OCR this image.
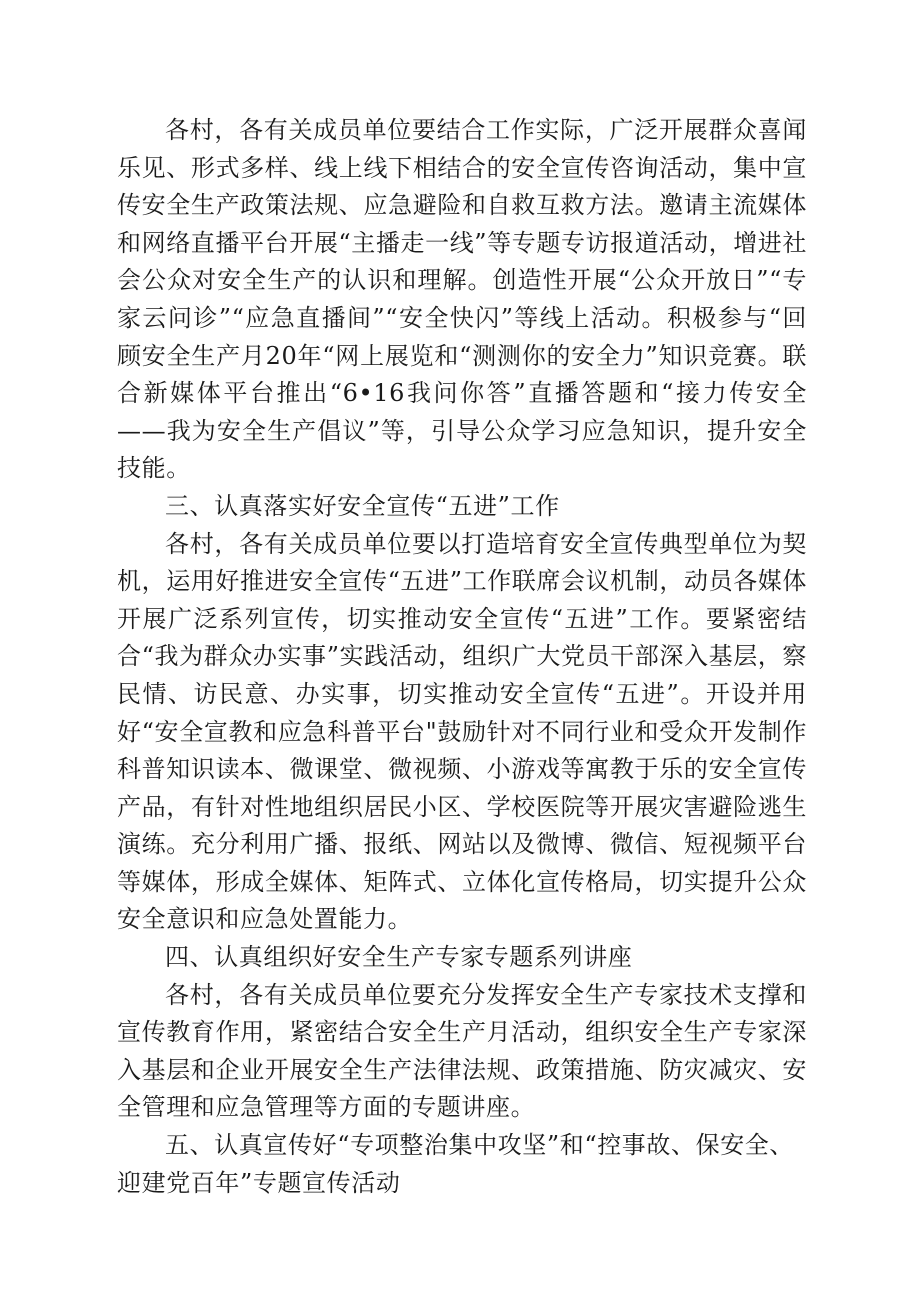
各村，各有关成员单位要结合工作实际，广泛开展群众喜闻乐见、形式多样、线上线下相结合的安全宣传咨询活动，集中宣传安全生产政策法规、应急避险和自救互救方法。邀请主流媒体和网络直播平台开展“主播走一线”等专题专访报道活动，增进社会公众对安全生产的认识和理解。创造性开展“公众开放日”“专家云问诊”“应急直播间”“安全快闪”等线上活动。积极参与“回顾安全生产月20年“网上展览和“测测你的安全力”知识竞赛。联合新媒体平台推出“6•16我问你答”直播答题和“接力传安全——我为安全生产倡议”等，引导公众学习应急知识，提升安全技能。

三、认真落实好安全宣传“五进”工作

各村，各有关成员单位要以打造培育安全宣传典型单位为契机，运用好推进安全宣传“五进”工作联席会议机制，动员各媒体开展广泛系列宣传，切实推动安全宣传“五进”工作。要紧密结合“我为群众办实事”实践活动，组织广大党员干部深入基层，察民情、访民意、办实事，切实推动安全宣传“五进”。开设并用好“安全宣教和应急科普平台"鼓励针对不同行业和受众开发制作科普知识读本、微课堂、微视频、小游戏等寓教于乐的安全宣传产品，有针对性地组织居民小区、学校医院等开展灾害避险逃生演练。充分利用广播、报纸、网站以及微博、微信、短视频平台等媒体，形成全媒体、矩阵式、立体化宣传格局，切实提升公众安全意识和应急处置能力。

四、认真组织好安全生产专家专题系列讲座

各村，各有关成员单位要充分发挥安全生产专家技术支撑和宣传教育作用，紧密结合安全生产月活动，组织安全生产专家深入基层和企业开展安全生产法律法规、政策措施、防灾减灾、安全管理和应急管理等方面的专题讲座。

五、认真宣传好“专项整治集中攻坚”和“控事故、保安全、迎建党百年”专题宣传活动
